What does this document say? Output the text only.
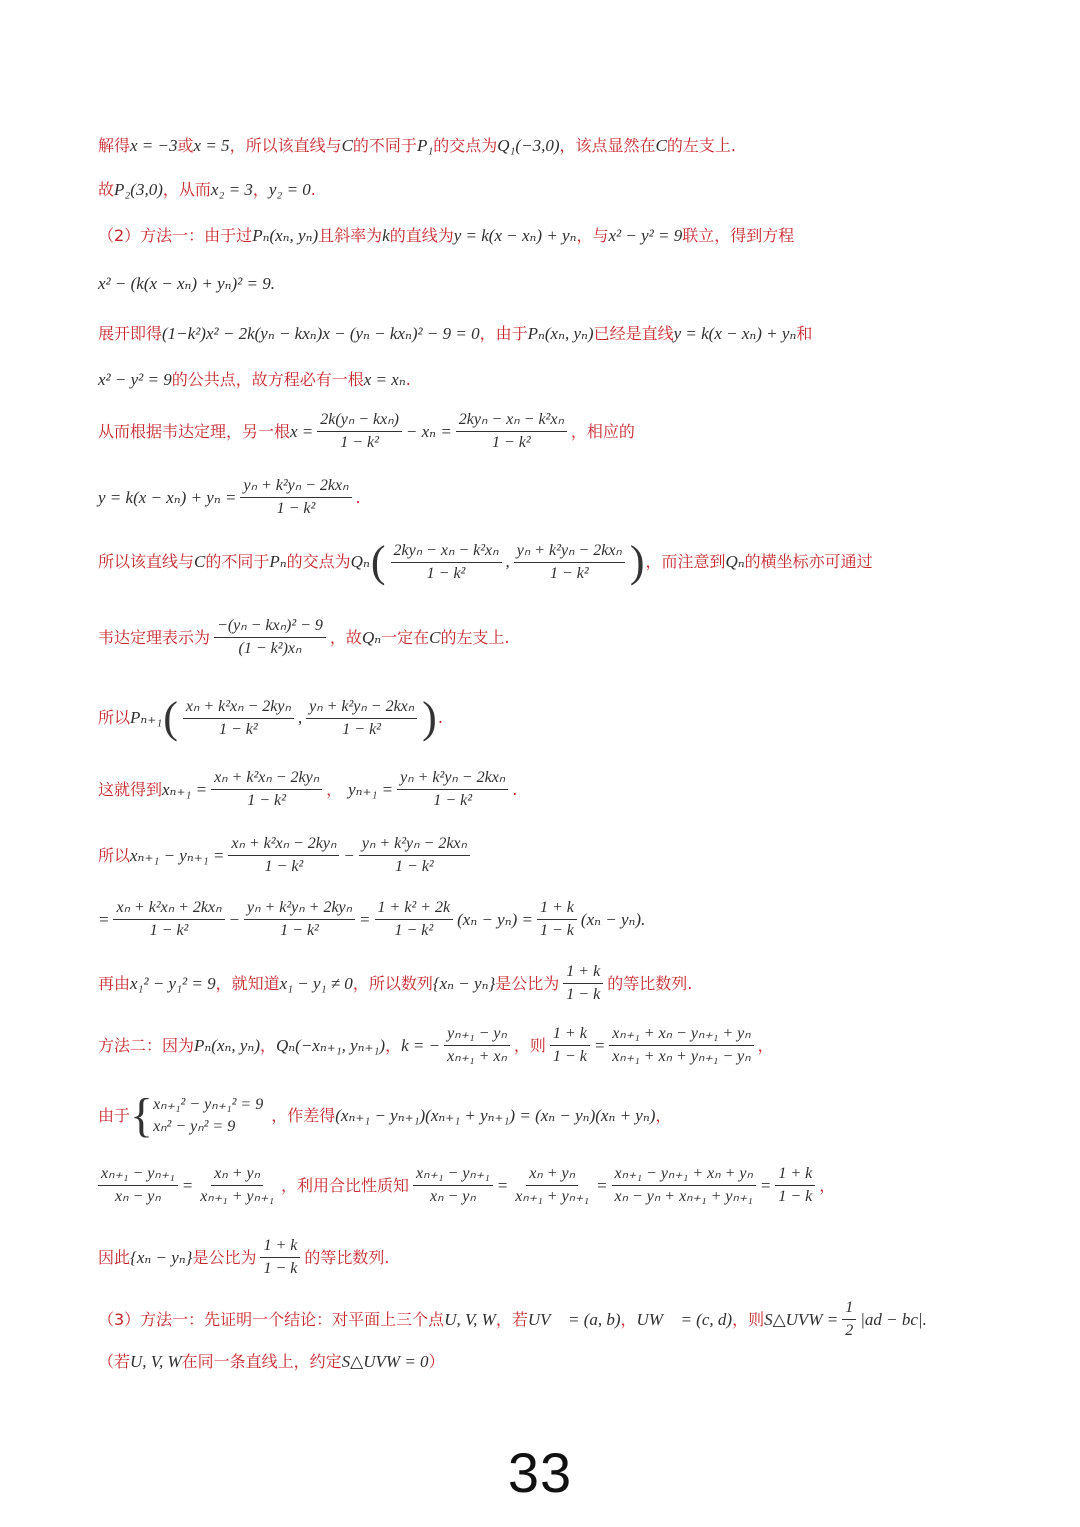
解得 x = −3 或 x = 5 ，所以该直线与 C 的不同于 P₁ 的交点为 Q₁(−3,0) ，该点显然在 C 的左支上.
故 P₂(3,0) ，从而 x₂ = 3 ， y₂ = 0 .
（2）方法一：由于过 Pₙ(xₙ, yₙ) 且斜率为 k 的直线为 y = k(x − xₙ) + yₙ ，与 x² − y² = 9 联立，得到方程
x² − (k(x − xₙ) + yₙ)² = 9.
展开即得 (1−k²)x² − 2k(yₙ − kxₙ)x − (yₙ − kxₙ)² − 9 = 0 ，由于 Pₙ(xₙ, yₙ) 已经是直线 y = k(x − xₙ) + yₙ 和
x² − y² = 9 的公共点，故方程必有一根 x = xₙ .
从而根据韦达定理，另一根 $x = \frac{\text{2k(yₙ − kxₙ)}}{\text{1 − k²}} - x_n = \frac{\text{2kyₙ − xₙ − k²xₙ}}{\text{1 − k²}}$ ，相应的
$y = k(x - x_n) + y_n = \frac{\text{yₙ + k²yₙ − 2kxₙ}}{\text{1 − k²}}$ .
所以该直线与 C 的不同于 Pₙ 的交点为 Qₙ ( $\frac{\text{2kyₙ − xₙ − k²xₙ}}{\text{1 − k²}}$ , $\frac{\text{yₙ + k²yₙ − 2kxₙ}}{\text{1 − k²}}$ ) ，而注意到 Qₙ 的横坐标亦可通过
韦达定理表示为 $\frac{\text{−(yₙ − kxₙ)² − 9}}{\text{(1 − k²)xₙ}}$ ，故 Qₙ 一定在 C 的左支上.
所以 Pₙ₊₁ ( $\frac{\text{xₙ + k²xₙ − 2kyₙ}}{\text{1 − k²}}$ , $\frac{\text{yₙ + k²yₙ − 2kxₙ}}{\text{1 − k²}}$ ) .
这就得到 $x_{n+1} = \frac{\text{xₙ + k²xₙ − 2kyₙ}}{\text{1 − k²}}$ ， $y_{n+1} = \frac{\text{yₙ + k²yₙ − 2kxₙ}}{\text{1 − k²}}$ .
所以 $x_{n+1} - y_{n+1} = \frac{\text{xₙ + k²xₙ − 2kyₙ}}{\text{1 − k²}} - \frac{\text{yₙ + k²yₙ − 2kxₙ}}{\text{1 − k²}}$
= $\frac{\text{xₙ + k²xₙ + 2kxₙ}}{\text{1 − k²}} - \frac{\text{yₙ + k²yₙ + 2kyₙ}}{\text{1 − k²}} = \frac{\text{1 + k² + 2k}}{\text{1 − k²}} (x_n - y_n) = \frac{1 + k}{1 - k} (x_n - y_n)$.
再由 x₁² − y₁² = 9 ，就知道 x₁ − y₁ ≠ 0 ，所以数列 {xₙ − yₙ} 是公比为 $\frac{1 + k}{1 - k}$ 的等比数列.
方法二：因为 Pₙ(xₙ, yₙ) ， Qₙ(−xₙ₊₁, yₙ₊₁) ， k = − $\frac{\text{yₙ₊₁ − yₙ}}{\text{xₙ₊₁ + xₙ}}$ ，则 $\frac{1 + k}{1 - k} = \frac{\text{xₙ₊₁ + xₙ − yₙ₊₁ + yₙ}}{\text{xₙ₊₁ + xₙ + yₙ₊₁ − yₙ}}$ ，
由于 { xₙ₊₁² − yₙ₊₁² = 9
xₙ² − yₙ² = 9
，作差得 (xₙ₊₁ − yₙ₊₁)(xₙ₊₁ + yₙ₊₁) = (xₙ − yₙ)(xₙ + yₙ) ，
$\frac{\text{xₙ₊₁ − yₙ₊₁}}{\text{xₙ − yₙ}} = \frac{\text{xₙ + yₙ}}{\text{xₙ₊₁ + yₙ₊₁}}$ ，利用合比性质知 $\frac{\text{xₙ₊₁ − yₙ₊₁}}{\text{xₙ − yₙ}} = \frac{\text{xₙ + yₙ}}{\text{xₙ₊₁ + yₙ₊₁}} = \frac{\text{xₙ₊₁ − yₙ₊₁ + xₙ + yₙ}}{\text{xₙ − yₙ + xₙ₊₁ + yₙ₊₁}} = \frac{1 + k}{1 - k}$ ，
因此 {xₙ − yₙ} 是公比为 $\frac{1 + k}{1 - k}$ 的等比数列.
（3）方法一：先证明一个结论：对平面上三个点 U, V, W ，若 UV⃗ = (a, b) ， UW⃗ = (c, d) ，则 S△UVW = $\frac{1}{2} |ad - bc|$.
（若 U, V, W 在同一条直线上，约定 S△UVW = 0 ）
33
